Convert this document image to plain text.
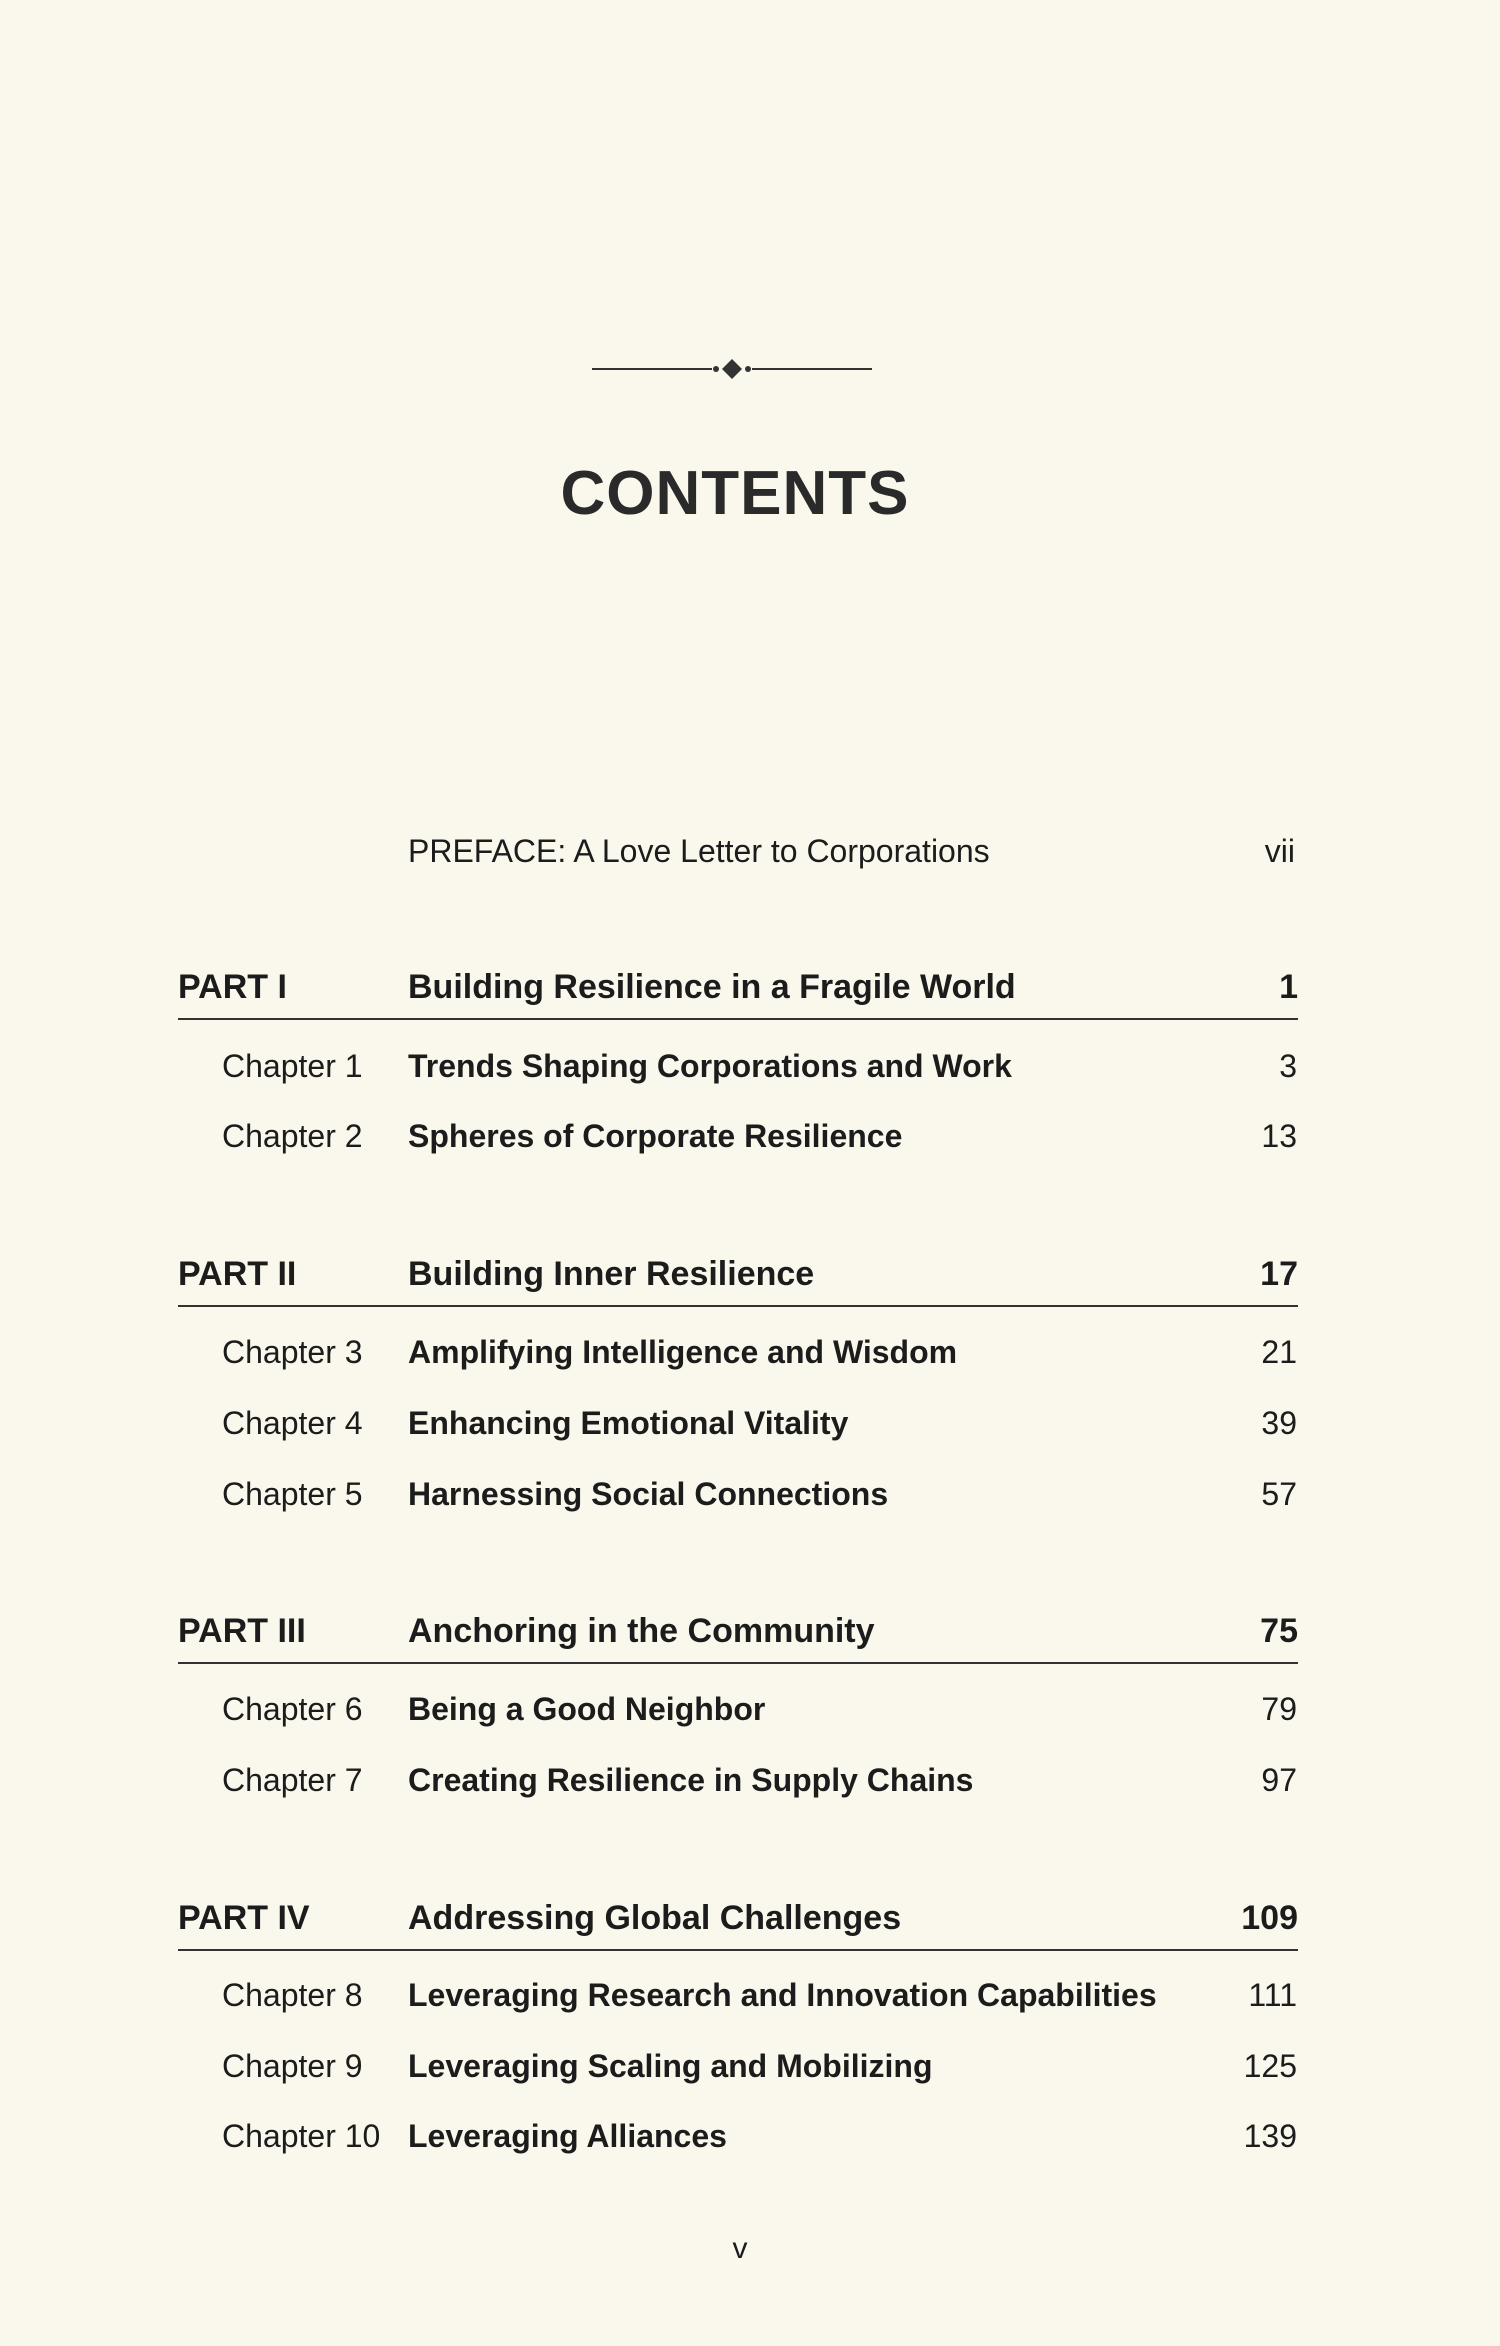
CONTENTS
PREFACE: A Love Letter to Corporations	vii
PART I	Building Resilience in a Fragile World	1
Chapter 1 Trends Shaping Corporations and Work	3
Chapter 2 Spheres of Corporate Resilience	13
PART II	Building Inner Resilience	17
Chapter 3 Amplifying Intelligence and Wisdom	21
Chapter 4 Enhancing Emotional Vitality	39
Chapter 5 Harnessing Social Connections	57
PART III	Anchoring in the Community	75
Chapter 6 Being a Good Neighbor	79
Chapter 7 Creating Resilience in Supply Chains	97
PART IV	Addressing Global Challenges	109
Chapter 8 Leveraging Research and Innovation Capabilities	111
Chapter 9 Leveraging Scaling and Mobilizing	125
Chapter 10 Leveraging Alliances	139
v
